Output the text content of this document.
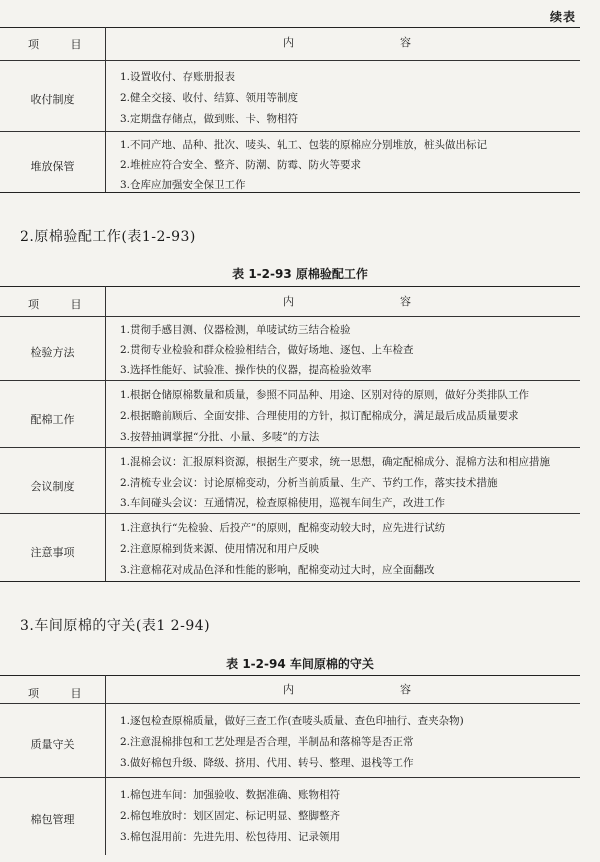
续表
项 目	内	容
收付制度
1.设置收付、存账册报表
2.健全交接、收付、结算、领用等制度
3.定期盘存储点，做到账、卡、物相符
堆放保管
1.不同产地、品种、批次、唛头、轧工、包装的原棉应分别堆放，桩头做出标记
2.堆桩应符合安全、整齐、防潮、防霉、防火等要求
3.仓库应加强安全保卫工作
2.原棉验配工作(表1-2-93)
表 1-2-93 原棉验配工作
项 目	内	容
检验方法
1.贯彻手感目测、仪器检测，单唛试纺三结合检验
2.贯彻专业检验和群众检验相结合，做好场地、逐包、上车检查
3.选择性能好、试验准、操作快的仪器，提高检验效率
配棉工作
1.根据仓储原棉数量和质量，参照不同品种、用途、区别对待的原则，做好分类排队工作
2.根据瞻前顾后、全面安排、合理使用的方针，拟订配棉成分，满足最后成品质量要求
3.按替抽调掌握“分批、小量、多唛”的方法
会议制度
1.混棉会议：汇报原料资源，根据生产要求，统一思想，确定配棉成分、混棉方法和相应措施
2.清梳专业会议：讨论原棉变动，分析当前质量、生产、节约工作，落实技术措施
3.车间碰头会议：互通情况，检查原棉使用，巡视车间生产，改进工作
注意事项
1.注意执行“先检验、后投产”的原则，配棉变动较大时，应先进行试纺
2.注意原棉到货来源、使用情况和用户反映
3.注意棉花对成品色泽和性能的影响，配棉变动过大时，应全面翻改
3.车间原棉的守关(表1 2-94)
表 1-2-94 车间原棉的守关
项 目	内	容
质量守关
1.逐包检查原棉质量，做好三查工作(查唛头质量、查色印抽行、查夹杂物)
2.注意混棉排包和工艺处理是否合理，半制品和落棉等是否正常
3.做好棉包升级、降级、挤用、代用、转号、整理、退栈等工作
棉包管理
1.棉包进车间：加强验收、数据准确、账物相符
2.棉包堆放时：划区固定、标记明显、整脚整齐
3.棉包混用前：先进先用、松包待用、记录领用
